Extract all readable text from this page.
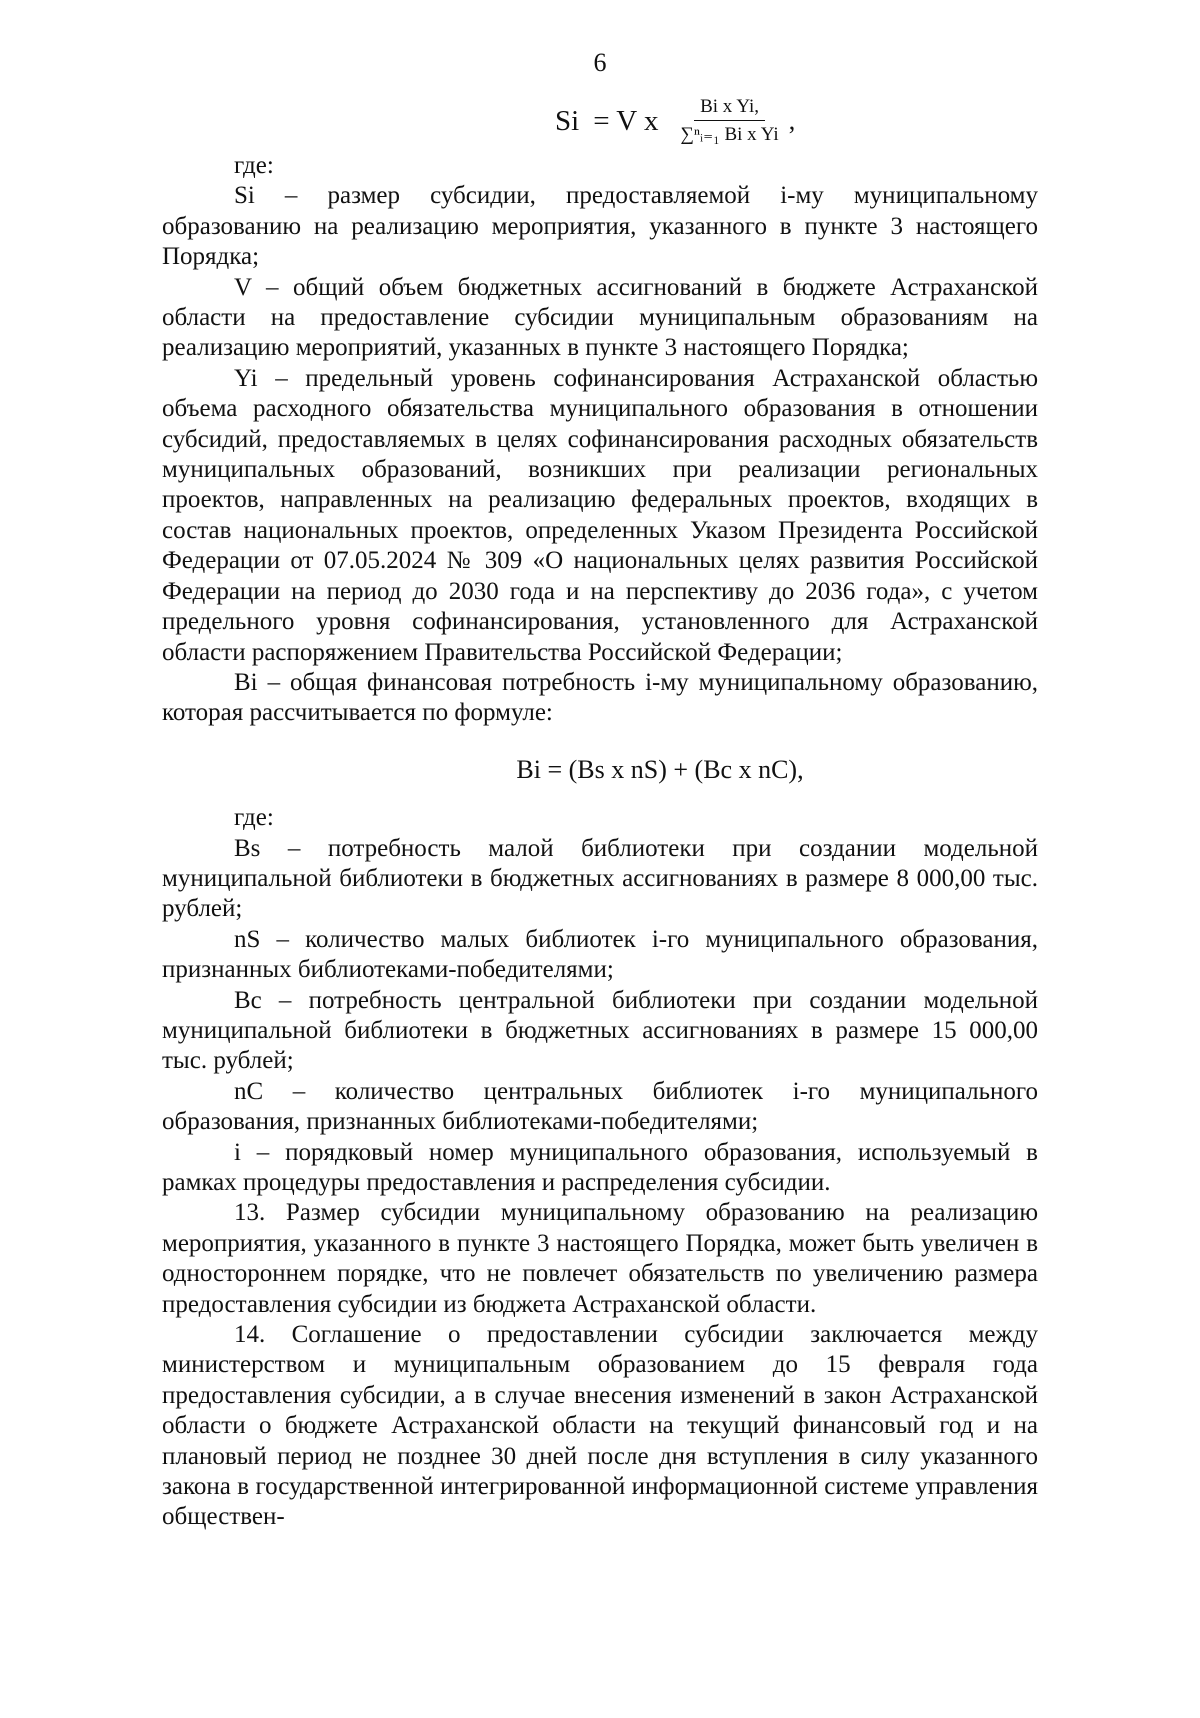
6
Si = V x $\frac{\text{Bi x Yi,}}{\text{∑ⁿᵢ₌₁ Bi x Yi}}$ ,

где:

Si – размер субсидии, предоставляемой i-му муниципальному образованию на реализацию мероприятия, указанного в пункте 3 настоящего Порядка;

V – общий объем бюджетных ассигнований в бюджете Астраханской области на предоставление субсидии муниципальным образованиям на реализацию мероприятий, указанных в пункте 3 настоящего Порядка;

Yi – предельный уровень софинансирования Астраханской областью объема расходного обязательства муниципального образования в отношении субсидий, предоставляемых в целях софинансирования расходных обязательств муниципальных образований, возникших при реализации региональных проектов, направленных на реализацию федеральных проектов, входящих в состав национальных проектов, определенных Указом Президента Российской Федерации от 07.05.2024 № 309 «О национальных целях развития Российской Федерации на период до 2030 года и на перспективу до 2036 года», с учетом предельного уровня софинансирования, установленного для Астраханской области распоряжением Правительства Российской Федерации;

Bi – общая финансовая потребность i-му муниципальному образованию, которая рассчитывается по формуле:

Bi = (Bs x nS) + (Bc x nC),

где:

Bs – потребность малой библиотеки при создании модельной муниципальной библиотеки в бюджетных ассигнованиях в размере 8 000,00 тыс. рублей;

nS – количество малых библиотек i-го муниципального образования, признанных библиотеками-победителями;

Bc – потребность центральной библиотеки при создании модельной муниципальной библиотеки в бюджетных ассигнованиях в размере 15 000,00 тыс. рублей;

nC – количество центральных библиотек i-го муниципального образования, признанных библиотеками-победителями;

i – порядковый номер муниципального образования, используемый в рамках процедуры предоставления и распределения субсидии.

13. Размер субсидии муниципальному образованию на реализацию мероприятия, указанного в пункте 3 настоящего Порядка, может быть увеличен в одностороннем порядке, что не повлечет обязательств по увеличению размера предоставления субсидии из бюджета Астраханской области.

14. Соглашение о предоставлении субсидии заключается между министерством и муниципальным образованием до 15 февраля года предоставления субсидии, а в случае внесения изменений в закон Астраханской области о бюджете Астраханской области на текущий финансовый год и на плановый период не позднее 30 дней после дня вступления в силу указанного закона в государственной интегрированной информационной системе управления обществен-
